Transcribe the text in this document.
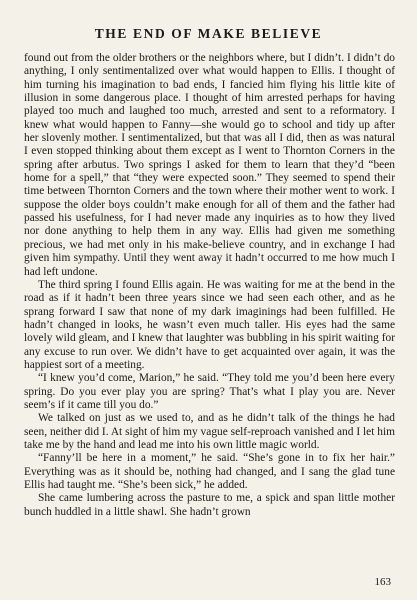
THE END OF MAKE BELIEVE

found out from the older brothers or the neighbors where, but I didn’t. I didn’t do anything, I only sentimentalized over what would happen to Ellis. I thought of him turning his imagination to bad ends, I fancied him flying his little kite of illusion in some dangerous place. I thought of him arrested perhaps for having played too much and laughed too much, arrested and sent to a reformatory. I knew what would happen to Fanny—she would go to school and tidy up after her slovenly mother. I sentimentalized, but that was all I did, then as was natural I even stopped thinking about them except as I went to Thornton Corners in the spring after arbutus. Two springs I asked for them to learn that they’d “been home for a spell,” that “they were expected soon.” They seemed to spend their time between Thornton Corners and the town where their mother went to work. I suppose the older boys couldn’t make enough for all of them and the father had passed his usefulness, for I had never made any inquiries as to how they lived nor done anything to help them in any way. Ellis had given me something precious, we had met only in his make-believe country, and in exchange I had given him sympathy. Until they went away it hadn’t occurred to me how much I had left undone.

The third spring I found Ellis again. He was waiting for me at the bend in the road as if it hadn’t been three years since we had seen each other, and as he sprang forward I saw that none of my dark imaginings had been fulfilled. He hadn’t changed in looks, he wasn’t even much taller. His eyes had the same lovely wild gleam, and I knew that laughter was bubbling in his spirit waiting for any excuse to run over. We didn’t have to get acquainted over again, it was the happiest sort of a meeting.

“I knew you’d come, Marion,” he said. “They told me you’d been here every spring. Do you ever play you are spring? That’s what I play you are. Never seem’s if it came till you do.”

We talked on just as we used to, and as he didn’t talk of the things he had seen, neither did I. At sight of him my vague self-reproach vanished and I let him take me by the hand and lead me into his own little magic world.

“Fanny’ll be here in a moment,” he said. “She’s gone in to fix her hair.” Everything was as it should be, nothing had changed, and I sang the glad tune Ellis had taught me. “She’s been sick,” he added.

She came lumbering across the pasture to me, a spick and span little mother bunch huddled in a little shawl. She hadn’t grown

163
